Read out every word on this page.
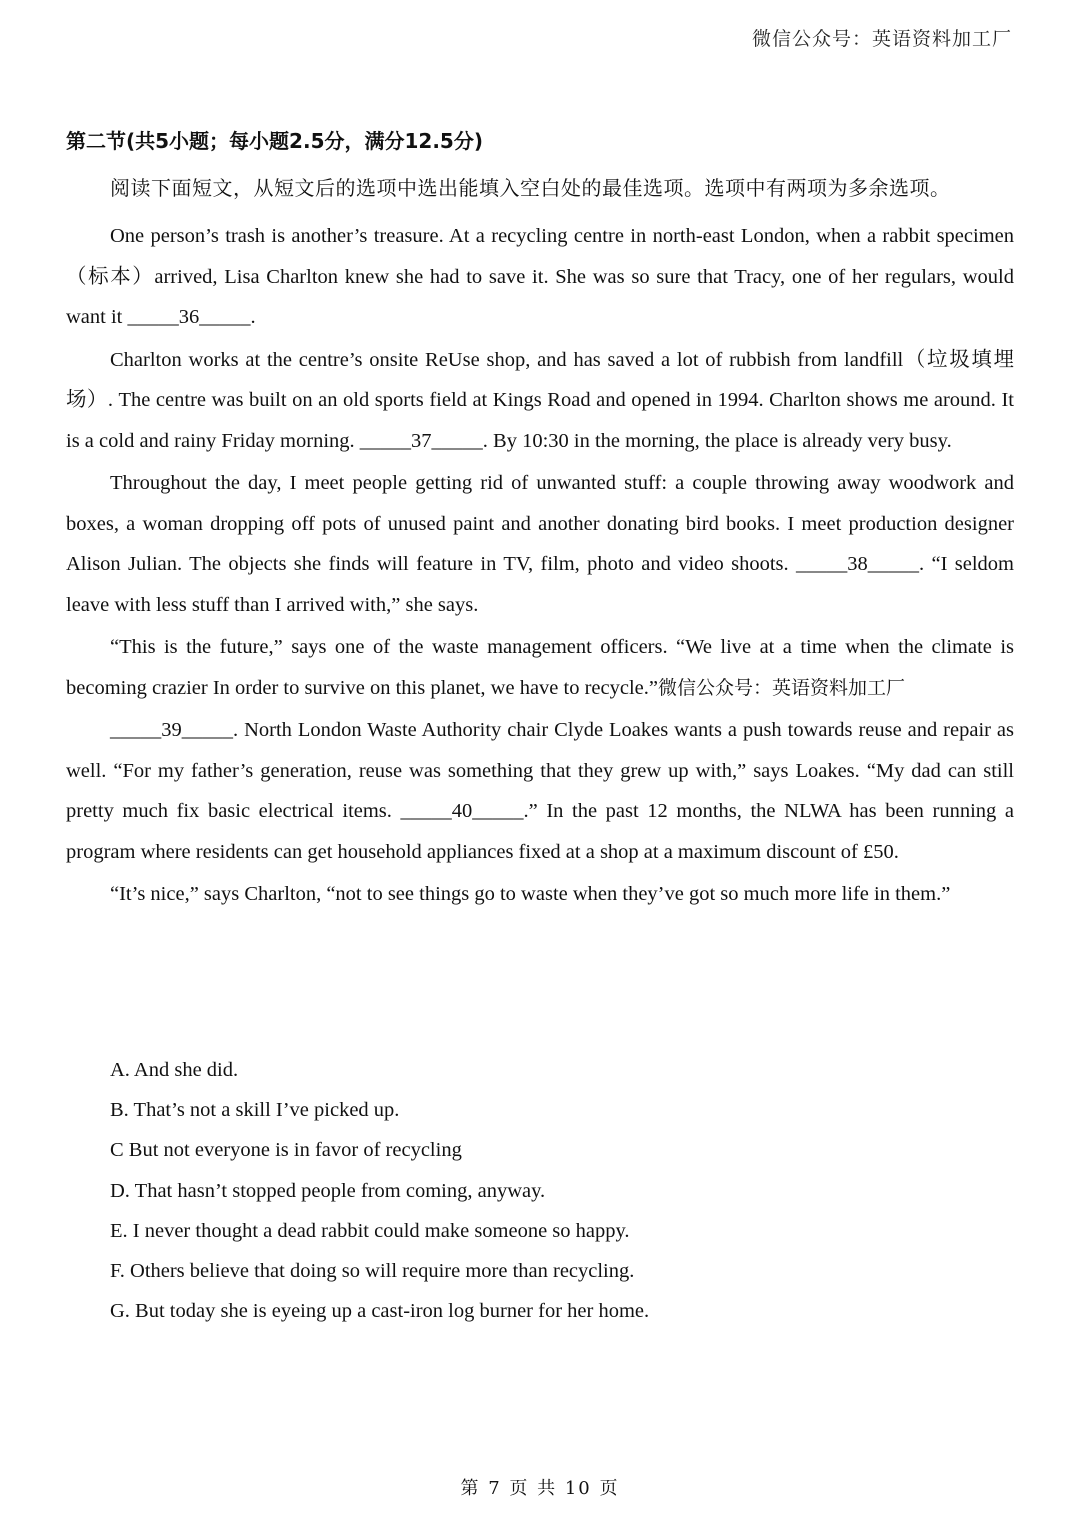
微信公众号：英语资料加工厂
第二节(共5小题；每小题2.5分，满分12.5分)
阅读下面短文，从短文后的选项中选出能填入空白处的最佳选项。选项中有两项为多余选项。

One person’s trash is another’s treasure. At a recycling centre in north-east London, when a rabbit specimen（标本）arrived, Lisa Charlton knew she had to save it. She was so sure that Tracy, one of her regulars, would want it _____36_____.

Charlton works at the centre’s onsite ReUse shop, and has saved a lot of rubbish from landfill（垃圾填埋场）. The centre was built on an old sports field at Kings Road and opened in 1994. Charlton shows me around. It is a cold and rainy Friday morning. _____37_____. By 10:30 in the morning, the place is already very busy.

Throughout the day, I meet people getting rid of unwanted stuff: a couple throwing away woodwork and boxes, a woman dropping off pots of unused paint and another donating bird books. I meet production designer Alison Julian. The objects she finds will feature in TV, film, photo and video shoots. _____38_____. “I seldom leave with less stuff than I arrived with,” she says.

“This is the future,” says one of the waste management officers. “We live at a time when the climate is becoming crazier In order to survive on this planet, we have to recycle.”微信公众号：英语资料加工厂

_____39_____. North London Waste Authority chair Clyde Loakes wants a push towards reuse and repair as well. “For my father’s generation, reuse was something that they grew up with,” says Loakes. “My dad can still pretty much fix basic electrical items. _____40_____.” In the past 12 months, the NLWA has been running a program where residents can get household appliances fixed at a shop at a maximum discount of £50.

“It’s nice,” says Charlton, “not to see things go to waste when they’ve got so much more life in them.”

A. And she did.
B. That’s not a skill I’ve picked up.
C But not everyone is in favor of recycling
D. That hasn’t stopped people from coming, anyway.
E. I never thought a dead rabbit could make someone so happy.
F. Others believe that doing so will require more than recycling.
G. But today she is eyeing up a cast-iron log burner for her home.
第 7 页 共 10 页
